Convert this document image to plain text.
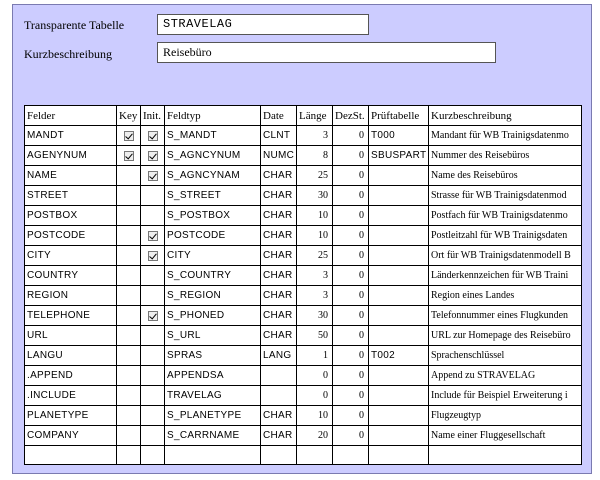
Transparente Tabelle	STRAVELAG
Kurzbeschreibung	Reisebüro
Felder	Key	Init.	Feldtyp	Date	Länge	DezSt.	Prüftabelle	Kurzbeschreibung
MANDT			S_MANDT	CLNT	3	0	T000	Mandant für WB Trainigsdatenmo
AGENYNUM			S_AGNCYNUM	NUMC	8	0	SBUSPART	Nummer des Reisebüros
NAME			S_AGNCYNAM	CHAR	25	0		Name des Reisebüros
STREET			S_STREET	CHAR	30	0		Strasse für WB Trainigsdatenmod
POSTBOX			S_POSTBOX	CHAR	10	0		Postfach für WB Trainigsdatenmo
POSTCODE			POSTCODE	CHAR	10	0		Postleitzahl für WB Trainigsdaten
CITY			CITY	CHAR	25	0		Ort für WB Trainigsdatenmodell B
COUNTRY			S_COUNTRY	CHAR	3	0		Länderkennzeichen für WB Traini
REGION			S_REGION	CHAR	3	0		Region eines Landes
TELEPHONE			S_PHONED	CHAR	30	0		Telefonnummer eines Flugkunden
URL			S_URL	CHAR	50	0		URL zur Homepage des Reisebüro
LANGU			SPRAS	LANG	1	0	T002	Sprachenschlüssel
.APPEND			APPENDSA		0	0		Append zu STRAVELAG
.INCLUDE			TRAVELAG		0	0		Include für Beispiel Erweiterung i
PLANETYPE			S_PLANETYPE	CHAR	10	0		Flugzeugtyp
COMPANY			S_CARRNAME	CHAR	20	0		Name einer Fluggesellschaft
